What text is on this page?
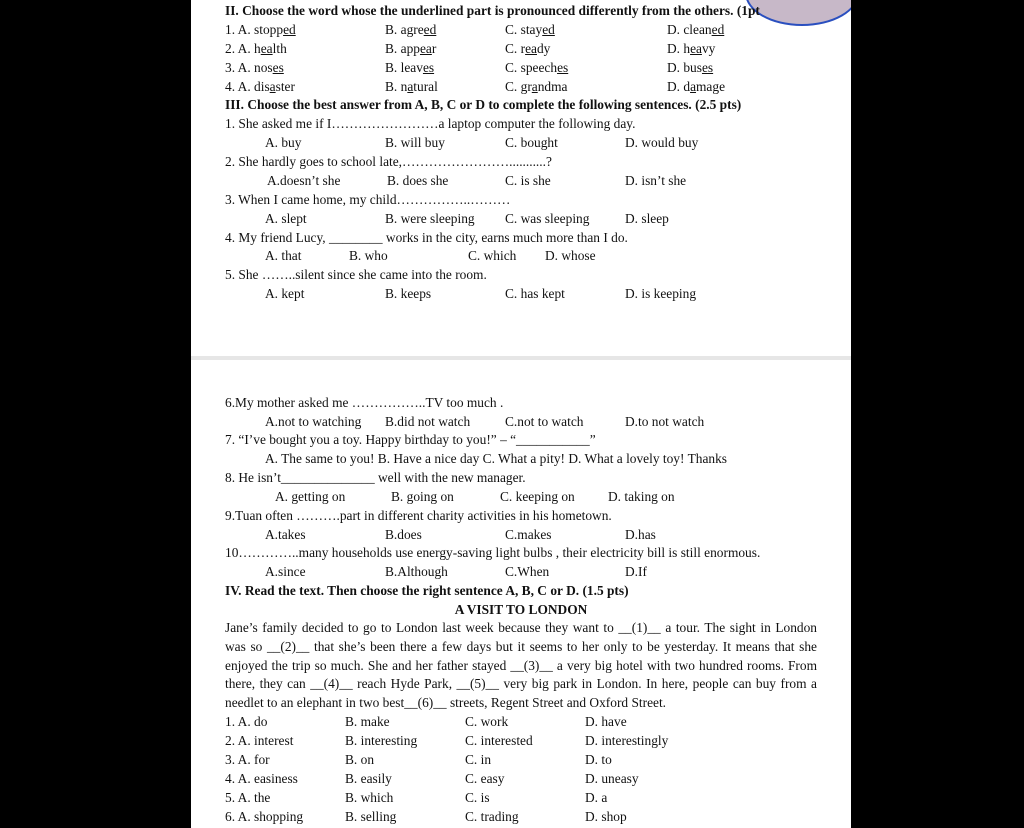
II. Choose the word whose the underlined part is pronounced differently from the others. (1pt
1. A. stopped	B. agreed	C. stayed	D. cleaned
2. A. health	B. appear	C. ready	D. heavy
3. A. noses	B. leaves	C. speeches	D. buses
4. A. disaster	B. natural	C. grandma	D. damage
III. Choose the best answer from A, B, C or D to complete the following sentences. (2.5 pts)
1. She asked me if I……………………a laptop computer the following day.
A. buy	B. will buy	C. bought	D. would buy
2. She hardly goes to school late,……………………...........?
A.doesn’t she	B. does she	C. is she	D. isn’t she
3. When I came home, my child……………..………
A. slept	B. were sleeping C. was sleeping	D. sleep
4. My friend Lucy, ________ works in the city, earns much more than I do.
A. that	B. who	C. which D. whose
5. She ……..silent since she came into the room.
A. kept	B. keeps	C. has kept	D. is keeping
6.My mother asked me ……………..TV too much .
A.not to watching B.did not watch	C.not to watch	D.to not watch
7. “I’ve bought you a toy. Happy birthday to you!” – “___________”
A. The same to you! B. Have a nice day C. What a pity! D. What a lovely toy! Thanks
8. He isn’t______________ well with the new manager.
A. getting on	B. going on	C. keeping on D. taking on
9.Tuan often ……….part in different charity activities in his hometown.
A.takes	B.does	C.makes	D.has
10…………..many households use energy-saving light bulbs , their electricity bill is still enormous.
A.since	B.Although	C.When	D.If
IV. Read the text. Then choose the right sentence A, B, C or D. (1.5 pts)
A VISIT TO LONDON
Jane’s family decided to go to London last week because they want to __(1)__ a tour. The sight in London was so __(2)__ that she’s been there a few days but it seems to her only to be yesterday. It means that she enjoyed the trip so much. She and her father stayed __(3)__ a very big hotel with two hundred rooms. From there, they can __(4)__ reach Hyde Park, __(5)__ very big park in London. In here, people can buy from a needlet to an elephant in two best__(6)__ streets, Regent Street and Oxford Street.
1. A. do	B. make	C. work	D. have
2. A. interest	B. interesting	C. interested	D. interestingly
3. A. for	B. on	C. in	D. to
4. A. easiness	B. easily	C. easy	D. uneasy
5. A. the	B. which	C. is	D. a
6. A. shopping	B. selling	C. trading	D. shop
